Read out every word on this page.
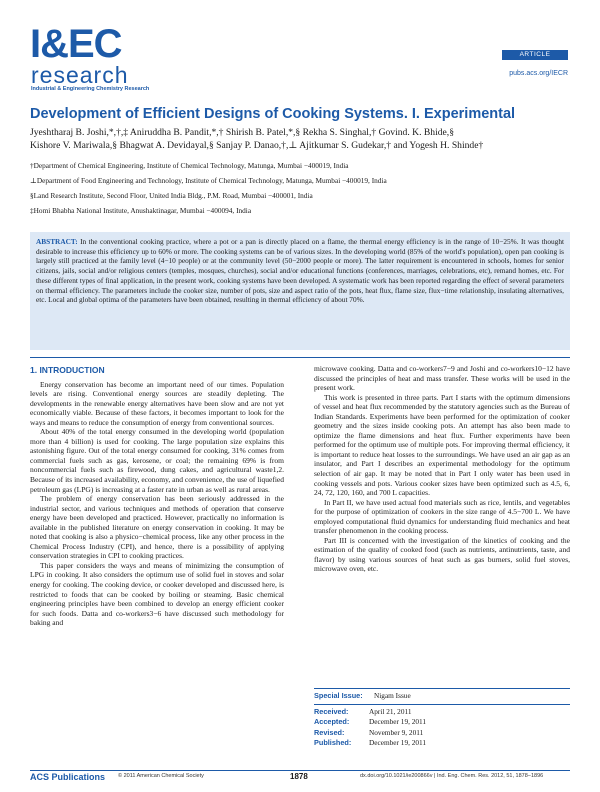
I&EC
research
Industrial & Engineering Chemistry Research
ARTICLE
pubs.acs.org/IECR
Development of Efficient Designs of Cooking Systems. I. Experimental
Jyeshtharaj B. Joshi,*,†,‡ Aniruddha B. Pandit,*,† Shirish B. Patel,*,§ Rekha S. Singhal,† Govind. K. Bhide,§
Kishore V. Mariwala,§ Bhagwat A. Devidayal,§ Sanjay P. Danao,†,⊥ Ajitkumar S. Gudekar,† and Yogesh H. Shinde†
†Department of Chemical Engineering, Institute of Chemical Technology, Matunga, Mumbai −400019, India
⊥Department of Food Engineering and Technology, Institute of Chemical Technology, Matunga, Mumbai −400019, India
§Land Research Institute, Second Floor, United India Bldg., P.M. Road, Mumbai −400001, India
‡Homi Bhabha National Institute, Anushaktinagar, Mumbai −400094, India
ABSTRACT: In the conventional cooking practice, where a pot or a pan is directly placed on a flame, the thermal energy efficiency is in the range of 10−25%. It was thought desirable to increase this efficiency up to 60% or more. The cooking systems can be of various sizes. In the developing world (85% of the world's population), open pan cooking is largely still practiced at the family level (4−10 people) or at the community level (50−2000 people or more). The latter requirement is encountered in schools, homes for senior citizens, jails, social and/or religious centers (temples, mosques, churches), social and/or educational functions (conferences, marriages, celebrations, etc), remand homes, etc. For these different types of final application, in the present work, cooking systems have been developed. A systematic work has been reported regarding the effect of several parameters on thermal efficiency. The parameters include the cooker size, number of pots, size and aspect ratio of the pots, heat flux, flame size, flux−time relationship, insulating alternatives, etc. Local and global optima of the parameters have been obtained, resulting in thermal efficiency of about 70%.
1. INTRODUCTION

Energy conservation has become an important need of our times. Population levels are rising. Conventional energy sources are steadily depleting. The developments in the renewable energy alternatives have been slow and are not yet economically viable. Because of these factors, it becomes important to look for the ways and means to reduce the consumption of energy from conventional sources.

About 40% of the total energy consumed in the developing world (population more than 4 billion) is used for cooking. The large population size explains this astonishing figure. Out of the total energy consumed for cooking, 31% comes from commercial fuels such as gas, kerosene, or coal; the remaining 69% is from noncommercial fuels such as firewood, dung cakes, and agricultural waste1,2. Because of its increased availability, economy, and convenience, the use of liquefied petroleum gas (LPG) is increasing at a faster rate in urban as well as rural areas.

The problem of energy conservation has been seriously addressed in the industrial sector, and various techniques and methods of operation that conserve energy have been developed and practiced. However, practically no information is available in the published literature on energy conservation in cooking. It may be noted that cooking is also a physico−chemical process, like any other process in the Chemical Process Industry (CPI), and hence, there is a possibility of applying conservation strategies in CPI to cooking practices.

This paper considers the ways and means of minimizing the consumption of LPG in cooking. It also considers the optimum use of solid fuel in stoves and solar energy for cooking. The cooking device, or cooker developed and discussed here, is restricted to foods that can be cooked by boiling or steaming. Basic chemical engineering principles have been combined to develop an energy efficient cooker for such foods. Datta and co-workers3−6 have discussed such methodology for baking and

microwave cooking. Datta and co-workers7−9 and Joshi and co-workers10−12 have discussed the principles of heat and mass transfer. These works will be used in the present work.

This work is presented in three parts. Part I starts with the optimum dimensions of vessel and heat flux recommended by the statutory agencies such as the Bureau of Indian Standards. Experiments have been performed for the optimization of cooker geometry and the sizes inside cooking pots. An attempt has also been made to optimize the flame dimensions and heat flux. Further experiments have been performed for the optimum use of multiple pots. For improving thermal efficiency, it is important to reduce heat losses to the surroundings. We have used an air gap as an insulator, and Part I describes an experimental methodology for the optimum selection of air gap. It may be noted that in Part I only water has been used in cooking vessels and pots. Various cooker sizes have been optimized such as 4.5, 6, 24, 72, 120, 160, and 700 L capacities.

In Part II, we have used actual food materials such as rice, lentils, and vegetables for the purpose of optimization of cookers in the size range of 4.5−700 L. We have employed computational fluid dynamics for understanding fluid mechanics and heat transfer phenomenon in the cooking process.

Part III is concerned with the investigation of the kinetics of cooking and the estimation of the quality of cooked food (such as nutrients, antinutrients, taste, and flavor) by using various sources of heat such as gas burners, solid fuel stoves, microwave oven, etc.

Special Issue:	Nigam Issue
Received:	April 21, 2011
Accepted:	December 19, 2011
Revised:	November 9, 2011
Published:	December 19, 2011
ACS Publications © 2011 American Chemical Society	1878	dx.doi.org/10.1021/ie200866v | Ind. Eng. Chem. Res. 2012, 51, 1878−1896
